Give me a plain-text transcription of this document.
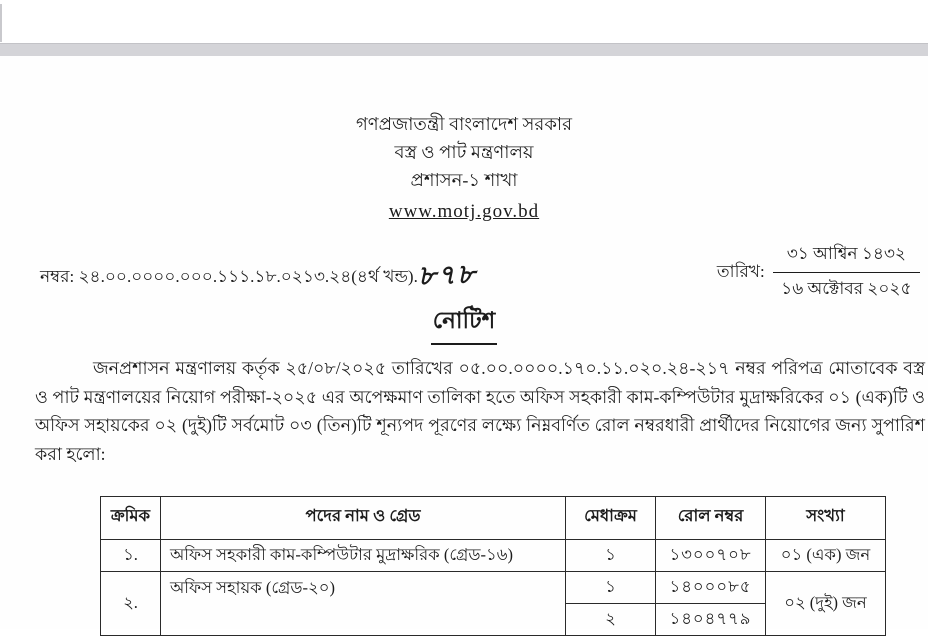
গণপ্রজাতন্ত্রী বাংলাদেশ সরকার
বস্ত্র ও পাট মন্ত্রণালয়
প্রশাসন-১ শাখা
www.motj.gov.bd
নম্বর: ২৪.০০.০০০০.০০০.১১১.১৮.০২১৩.২৪(৪র্থ খন্ড).৮৭৮	তারিখ:
৩১ আশ্বিন ১৪৩২
১৬ অক্টোবর ২০২৫
নোটিশ

জনপ্রশাসন মন্ত্রণালয় কর্তৃক ২৫/০৮/২০২৫ তারিখের ০৫.০০.০০০০.১৭০.১১.০২০.২৪-২১৭ নম্বর পরিপত্র মোতাবেক বস্ত্র ও পাট মন্ত্রণালয়ের নিয়োগ পরীক্ষা-২০২৫ এর অপেক্ষমাণ তালিকা হতে অফিস সহকারী কাম-কম্পিউটার মুদ্রাক্ষরিকের ০১ (এক)টি ও অফিস সহায়কের ০২ (দুই)টি সর্বমোট ০৩ (তিন)টি শূন্যপদ পূরণের লক্ষ্যে নিম্নবর্ণিত রোল নম্বরধারী প্রার্থীদের নিয়োগের জন্য সুপারিশ করা হলো:

ক্রমিক	পদের নাম ও গ্রেড	মেধাক্রম	রোল নম্বর	সংখ্যা
১.	অফিস সহকারী কাম-কম্পিউটার মুদ্রাক্ষরিক (গ্রেড-১৬)	১	১৩০০৭০৮	০১ (এক) জন
২.	অফিস সহায়ক (গ্রেড-২০)	১	১৪০০০৮৫	০২ (দুই) জন
		২	১৪০৪৭৭৯	
